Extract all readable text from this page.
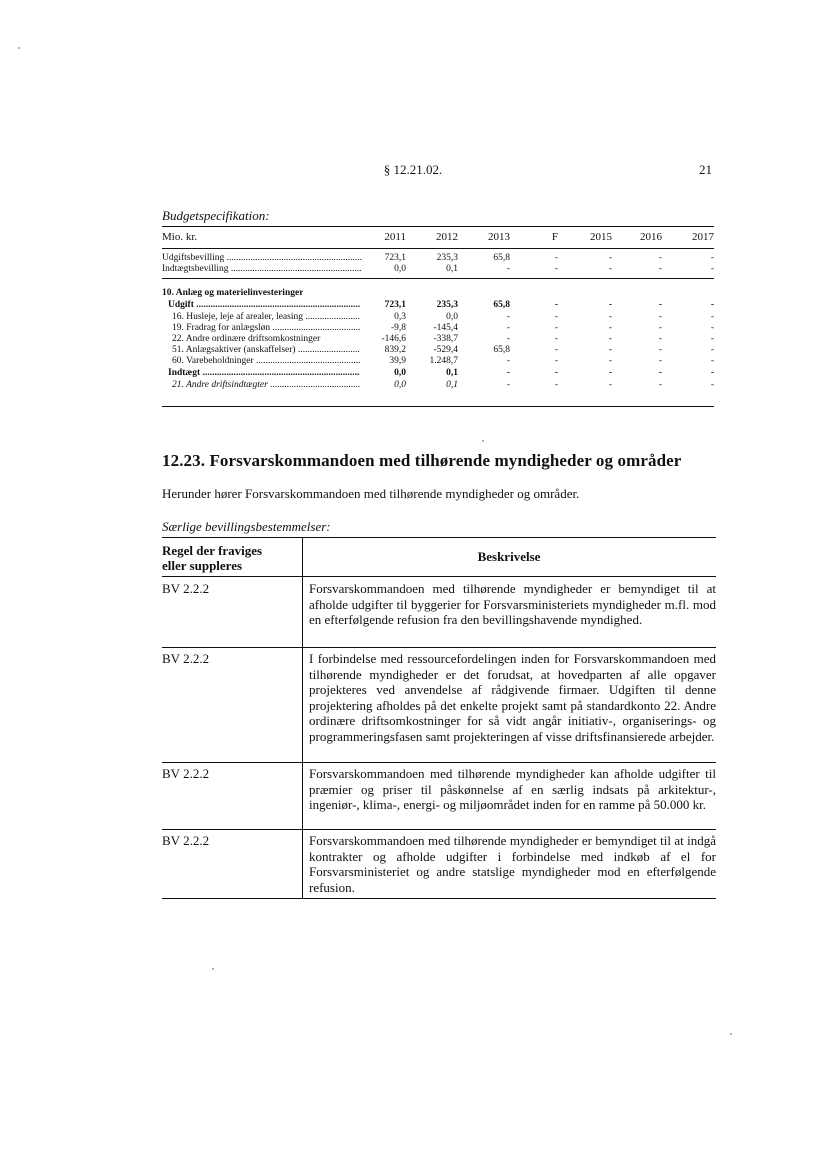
§ 12.21.02.	21
Budgetspecifikation:
Mio. kr.	2011	2012	2013	F	2015	2016	2017
Udgiftsbevilling .....	723,1	235,3	65,8	-	-	-	-
Indtægtsbevilling .....	0,0	0,1	-	-	-	-	-
10. Anlæg og materielinvesteringer
Udgift .....	723,1	235,3	65,8	-	-	-	-
16. Husleje, leje af arealer, leasing .....	0,3	0,0	-	-	-	-	-
19. Fradrag for anlægsløn .....	-9,8	-145,4	-	-	-	-	-
22. Andre ordinære driftsomkostninger	-146,6	-338,7	-	-	-	-	-
51. Anlægsaktiver (anskaffelser) .....	839,2	-529,4	65,8	-	-	-	-
60. Varebeholdninger .....	39,9	1.248,7	-	-	-	-	-
Indtægt .....	0,0	0,1	-	-	-	-	-
21. Andre driftsindtægter .....	0,0	0,1	-	-	-	-	-
12.23. Forsvarskommandoen med tilhørende myndigheder og områder
Herunder hører Forsvarskommandoen med tilhørende myndigheder og områder.
Særlige bevillingsbestemmelser:
Regel der fraviges
eller suppleres
Beskrivelse
BV 2.2.2	Forsvarskommandoen med tilhørende myndigheder er bemyndiget til at afholde udgifter til byggerier for Forsvarsministeriets myndigheder m.fl. mod en efterfølgende refusion fra den bevillingshavende myndighed.
BV 2.2.2	I forbindelse med ressourcefordelingen inden for Forsvarskommandoen med tilhørende myndigheder er det forudsat, at hovedparten af alle opgaver projekteres ved anvendelse af rådgivende firmaer. Udgiften til denne projektering afholdes på det enkelte projekt samt på standardkonto 22. Andre ordinære driftsomkostninger for så vidt angår initiativ-, organiserings- og programmeringsfasen samt projekteringen af visse driftsfinansierede arbejder.
BV 2.2.2	Forsvarskommandoen med tilhørende myndigheder kan afholde udgifter til præmier og priser til påskønnelse af en særlig indsats på arkitektur-, ingeniør-, klima-, energi- og miljøområdet inden for en ramme på 50.000 kr.
BV 2.2.2	Forsvarskommandoen med tilhørende myndigheder er bemyndiget til at indgå kontrakter og afholde udgifter i forbindelse med indkøb af el for Forsvarsministeriet og andre statslige myndigheder mod en efterfølgende refusion.
